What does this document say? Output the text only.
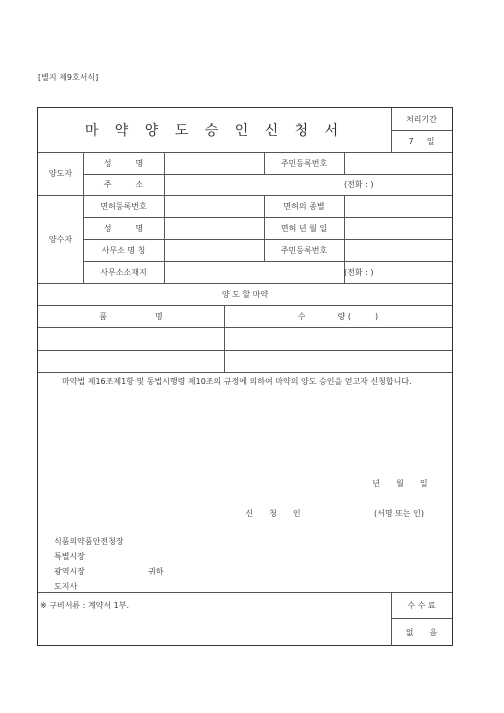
[별지 제9호서식]
마 약 양 도 승 인 신 청 서
처리기간
7 　 일
양도자
성　　　명	주민등록번호
주　　　소	(전화 : )
양수자
면허등록번호	면허의 종별
성　　　명	면허 년 월 일
사무소 명 칭	주민등록번호
사무소소재지	(전화 : )
양 도 할 마약
품　　　　　　명	수　　　　량 (　　　)
마약법 제16조제1항 및 동법시행령 제10조의 규정에 의하여 마약의 양도 승인을 얻고자 신청합니다.
년　　월　　일
신　　청　　인	(서명 또는 인)
식품의약품안전청장
특별시장
광역시장
도지사
귀하
※ 구비서류 : 계약서 1부.	수 수 료
없　　음
